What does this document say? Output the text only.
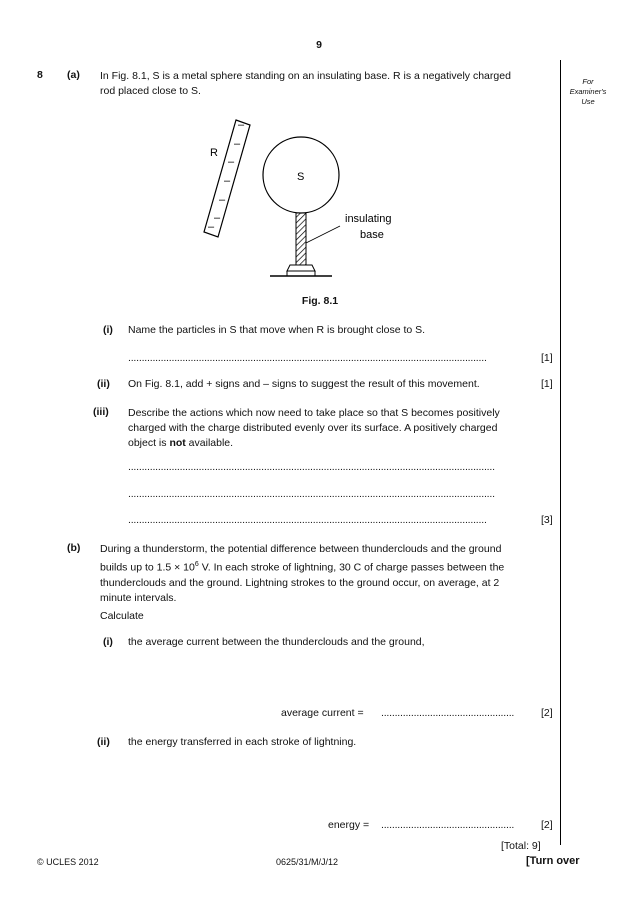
9
For
Examiner's
Use
8 (a) In Fig. 8.1, S is a metal sphere standing on an insulating base. R is a negatively charged
rod placed close to S.
–
–
–
–
–
–
–
R
S
insulating
base
Fig. 8.1
(i) Name the particles in S that move when R is brought close to S.
....................................................................................................................................	[1]
(ii) On Fig. 8.1, add + signs and – signs to suggest the result of this movement.	[1]
(iii) Describe the actions which now need to take place so that S becomes positively
charged with the charge distributed evenly over its surface. A positively charged
object is not available.
.......................................................................................................................................
.......................................................................................................................................
....................................................................................................................................	[3]
(b) During a thunderstorm, the potential difference between thunderclouds and the ground
builds up to $1.5 \times 10^6$ V. In each stroke of lightning, 30 C of charge passes between the
thunderclouds and the ground. Lightning strokes to the ground occur, on average, at 2
minute intervals.
Calculate
(i) the average current between the thunderclouds and the ground,
average current = .................................................	[2]
(ii) the energy transferred in each stroke of lightning.
energy = .................................................	[2]
[Total: 9]
© UCLES 2012	0625/31/M/J/12	[Turn over
